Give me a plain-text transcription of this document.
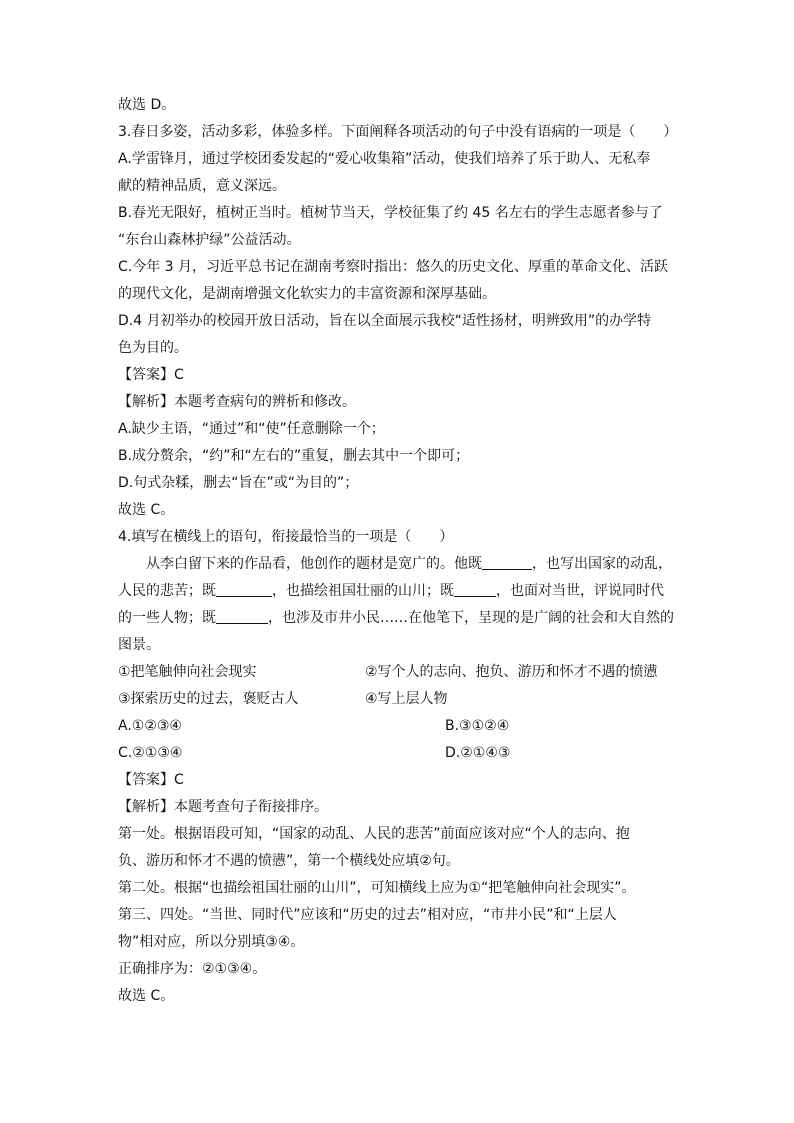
故选 D。
3.春日多姿，活动多彩，体验多样。下面阐释各项活动的句子中没有语病的一项是（　　）
A.学雷锋月，通过学校团委发起的“爱心收集箱”活动，使我们培养了乐于助人、无私奉
献的精神品质，意义深远。
B.春光无限好，植树正当时。植树节当天，学校征集了约 45 名左右的学生志愿者参与了
“东台山森林护绿”公益活动。
C.今年 3 月，习近平总书记在湖南考察时指出：悠久的历史文化、厚重的革命文化、活跃
的现代文化，是湖南增强文化软实力的丰富资源和深厚基础。
D.4 月初举办的校园开放日活动，旨在以全面展示我校“适性扬材，明辨致用”的办学特
色为目的。
【答案】C
【解析】本题考查病句的辨析和修改。
A.缺少主语，“通过”和“使”任意删除一个；
B.成分赘余，“约”和“左右的”重复，删去其中一个即可；
D.句式杂糅，删去“旨在”或“为目的”；
故选 C。
4.填写在横线上的语句，衔接最恰当的一项是（　　）
从李白留下来的作品看，他创作的题材是宽广的。他既	，也写出国家的动乱，
人民的悲苦；既	，也描绘祖国壮丽的山川；既	，也面对当世，评说同时代
的一些人物；既	，也涉及市井小民……在他笔下，呈现的是广阔的社会和大自然的
图景。
①把笔触伸向社会现实	②写个人的志向、抱负、游历和怀才不遇的愤懑
③探索历史的过去，褒贬古人	④写上层人物
A.①②③④	B.③①②④
C.②①③④	D.②①④③
【答案】C
【解析】本题考查句子衔接排序。
第一处。根据语段可知，“国家的动乱、人民的悲苦”前面应该对应“个人的志向、抱
负、游历和怀才不遇的愤懑”，第一个横线处应填②句。
第二处。根据“也描绘祖国壮丽的山川”，可知横线上应为①“把笔触伸向社会现实”。
第三、四处。“当世、同时代”应该和“历史的过去”相对应，“市井小民”和“上层人
物”相对应，所以分别填③④。
正确排序为：②①③④。
故选 C。
